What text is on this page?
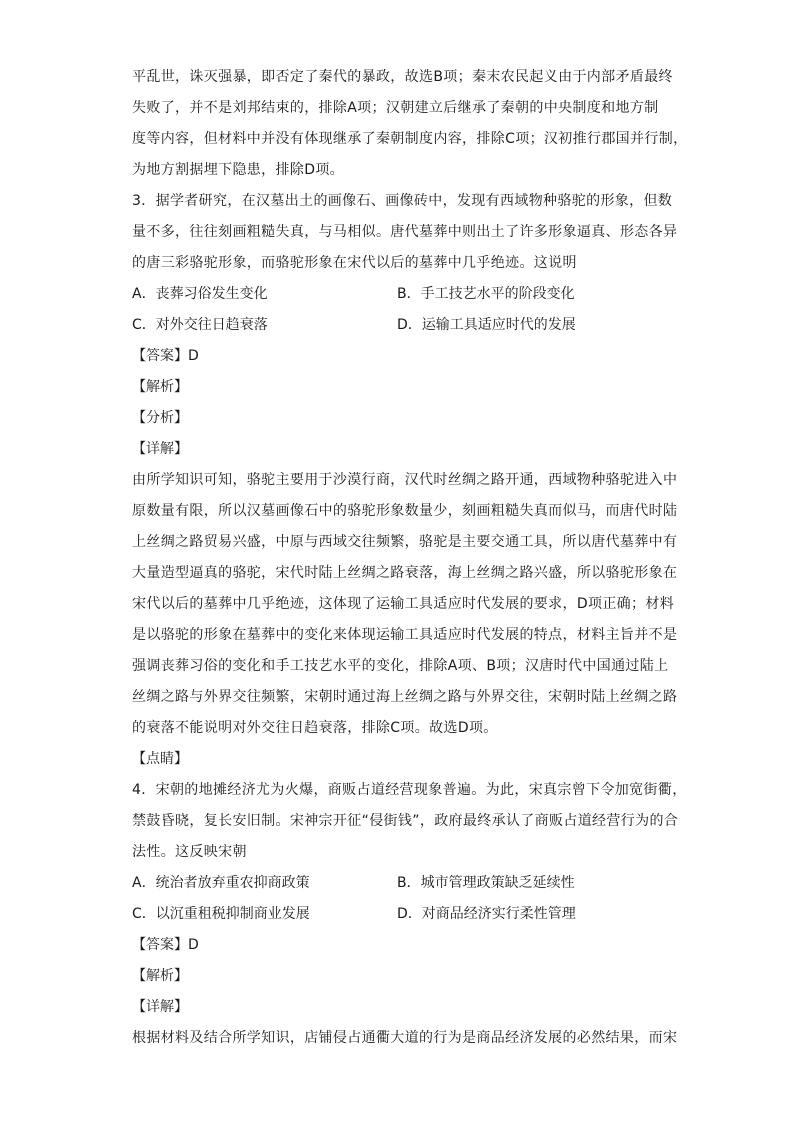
平乱世，诛灭强暴，即否定了秦代的暴政，故选B项；秦末农民起义由于内部矛盾最终

失败了，并不是刘邦结束的，排除A项；汉朝建立后继承了秦朝的中央制度和地方制

度等内容，但材料中并没有体现继承了秦朝制度内容，排除C项；汉初推行郡国并行制，

为地方割据埋下隐患，排除D项。

3．据学者研究，在汉墓出土的画像石、画像砖中，发现有西域物种骆驼的形象，但数

量不多，往往刻画粗糙失真，与马相似。唐代墓葬中则出土了许多形象逼真、形态各异

的唐三彩骆驼形象，而骆驼形象在宋代以后的墓葬中几乎绝迹。这说明

A．丧葬习俗发生变化	B．手工技艺水平的阶段变化
C．对外交往日趋衰落	D．运输工具适应时代的发展

【答案】D

【解析】

【分析】

【详解】

由所学知识可知，骆驼主要用于沙漠行商，汉代时丝绸之路开通，西域物种骆驼进入中

原数量有限，所以汉墓画像石中的骆驼形象数量少，刻画粗糙失真而似马，而唐代时陆

上丝绸之路贸易兴盛，中原与西域交往频繁，骆驼是主要交通工具，所以唐代墓葬中有

大量造型逼真的骆驼，宋代时陆上丝绸之路衰落，海上丝绸之路兴盛，所以骆驼形象在

宋代以后的墓葬中几乎绝迹，这体现了运输工具适应时代发展的要求，D项正确；材料

是以骆驼的形象在墓葬中的变化来体现运输工具适应时代发展的特点，材料主旨并不是

强调丧葬习俗的变化和手工技艺水平的变化，排除A项、B项；汉唐时代中国通过陆上

丝绸之路与外界交往频繁，宋朝时通过海上丝绸之路与外界交往，宋朝时陆上丝绸之路

的衰落不能说明对外交往日趋衰落，排除C项。故选D项。

【点睛】

4．宋朝的地摊经济尤为火爆，商贩占道经营现象普遍。为此，宋真宗曾下令加宽街衢，

禁鼓昏晓，复长安旧制。宋神宗开征“侵街钱”，政府最终承认了商贩占道经营行为的合

法性。这反映宋朝

A．统治者放弃重农抑商政策	B．城市管理政策缺乏延续性
C．以沉重租税抑制商业发展	D．对商品经济实行柔性管理

【答案】D

【解析】

【详解】

根据材料及结合所学知识，店铺侵占通衢大道的行为是商品经济发展的必然结果，而宋
